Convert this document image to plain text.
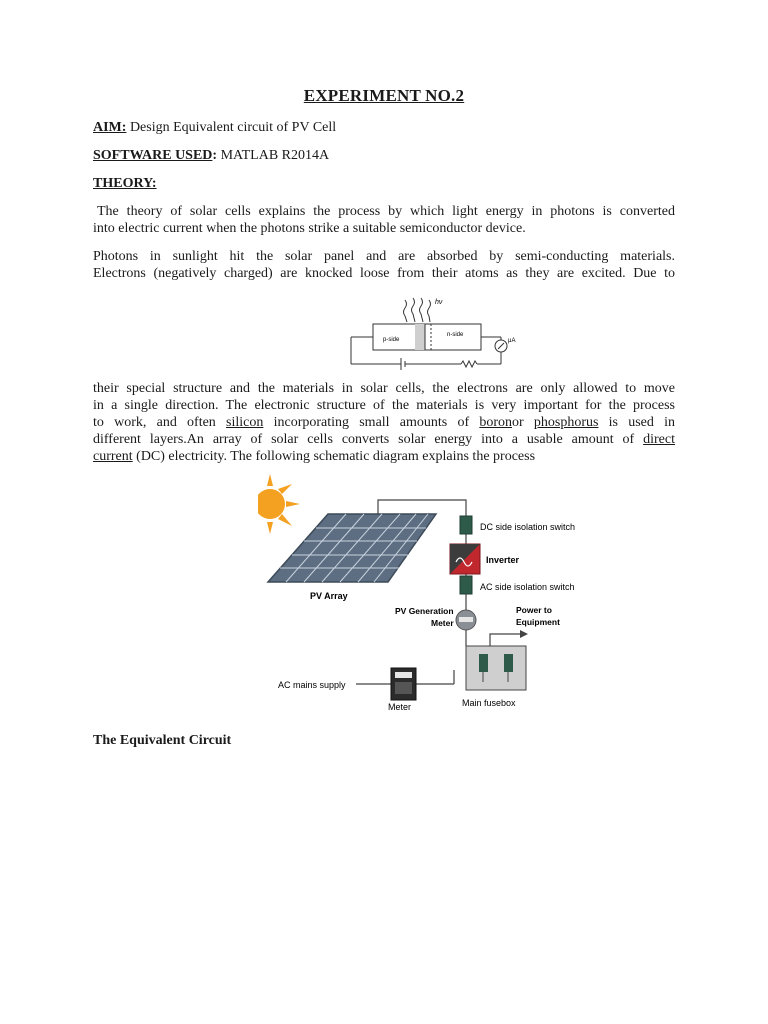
EXPERIMENT NO.2
AIM: Design Equivalent circuit of PV Cell
SOFTWARE USED: MATLAB R2014A
THEORY:
The theory of solar cells explains the process by which light energy in photons is converted
into electric current when the photons strike a suitable semiconductor device.
Photons in sunlight hit the solar panel and are absorbed by semi-conducting materials.
Electrons (negatively charged) are knocked loose from their atoms as they are excited. Due to
hν
p-side
n-side
μA
their special structure and the materials in solar cells, the electrons are only allowed to move
in a single direction. The electronic structure of the materials is very important for the process
to work, and often silicon incorporating small amounts of boronor phosphorus is used in
different layers.An array of solar cells converts solar energy into a usable amount of direct
current (DC) electricity. The following schematic diagram explains the process
PV Array
DC side isolation switch
Inverter
AC side isolation switch
PV Generation
Meter
Power to
Equipment
Main fusebox
Meter
AC mains supply
The Equivalent Circuit
